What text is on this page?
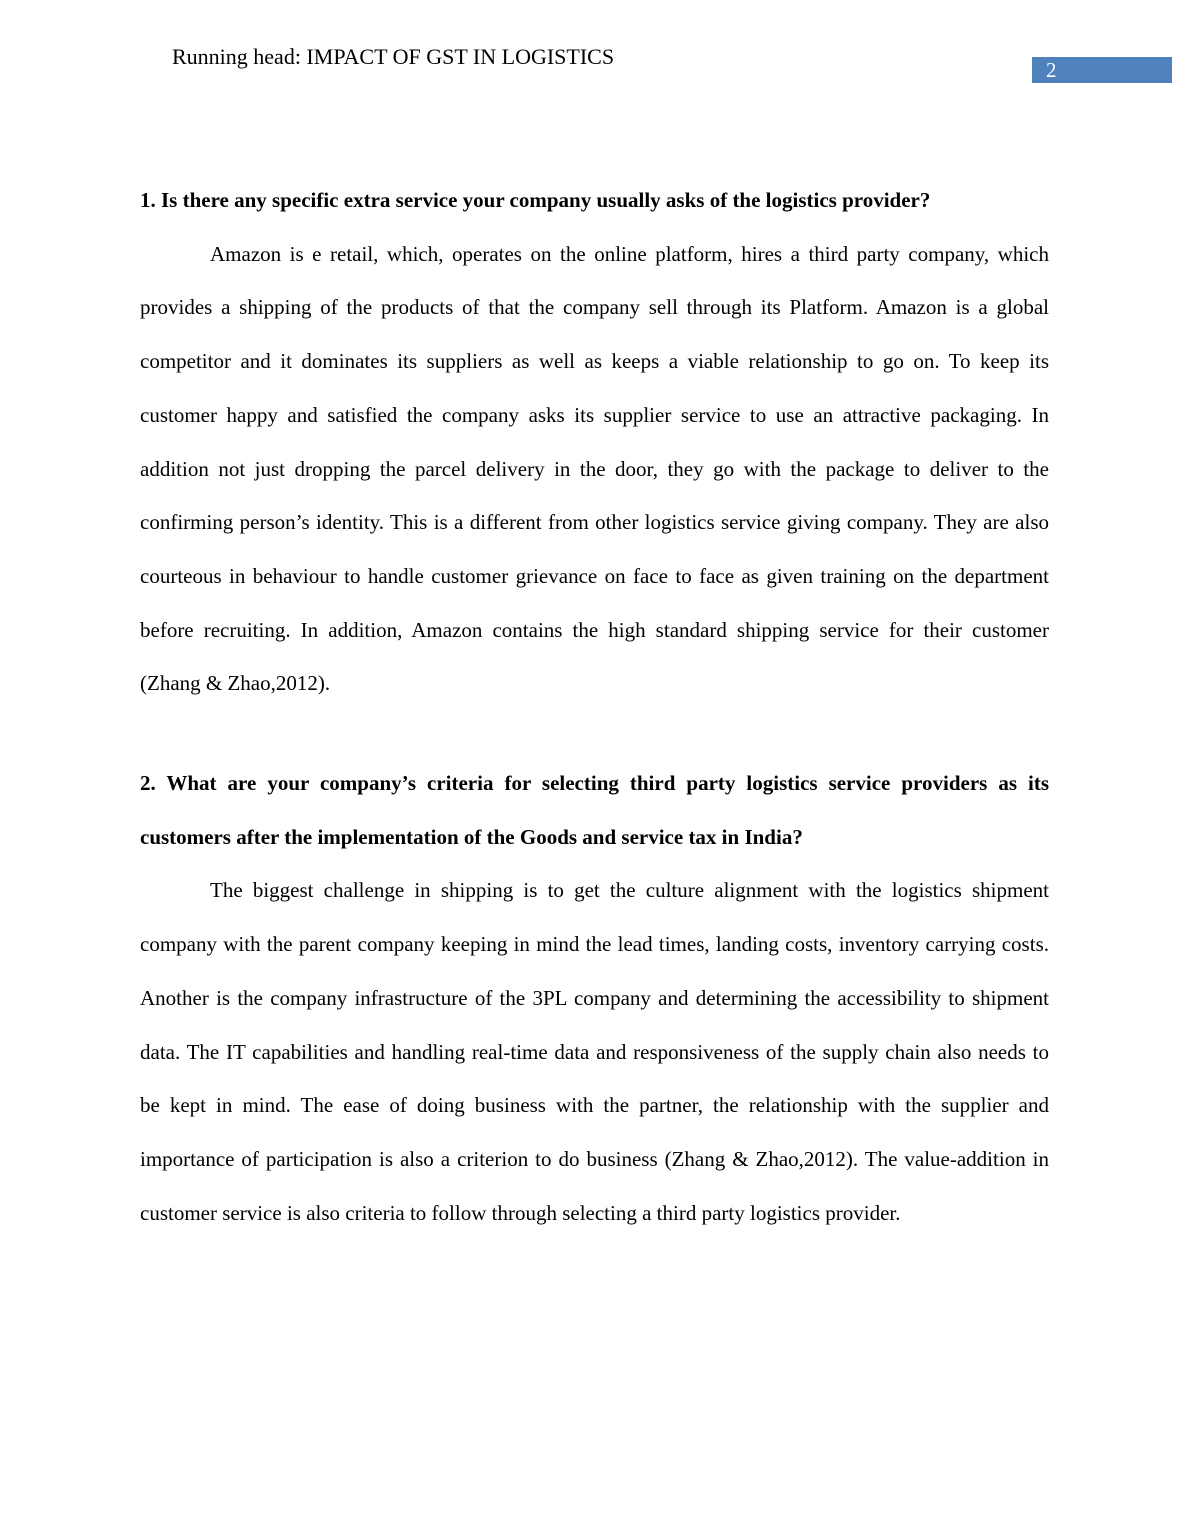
Running head: IMPACT OF GST IN LOGISTICS
2

1. Is there any specific extra service your company usually asks of the logistics provider?

Amazon is e retail, which, operates on the online platform, hires a third party company, which provides a shipping of the products of that the company sell through its Platform. Amazon is a global competitor and it dominates its suppliers as well as keeps a viable relationship to go on. To keep its customer happy and satisfied the company asks its supplier service to use an attractive packaging. In addition not just dropping the parcel delivery in the door, they go with the package to deliver to the confirming person’s identity. This is a different from other logistics service giving company. They are also courteous in behaviour to handle customer grievance on face to face as given training on the department before recruiting. In addition, Amazon contains the high standard shipping service for their customer (Zhang & Zhao,2012).

2. What are your company’s criteria for selecting third party logistics service providers as its customers after the implementation of the Goods and service tax in India?

The biggest challenge in shipping is to get the culture alignment with the logistics shipment company with the parent company keeping in mind the lead times, landing costs, inventory carrying costs. Another is the company infrastructure of the 3PL company and determining the accessibility to shipment data. The IT capabilities and handling real-time data and responsiveness of the supply chain also needs to be kept in mind. The ease of doing business with the partner, the relationship with the supplier and importance of participation is also a criterion to do business (Zhang & Zhao,2012). The value-addition in customer service is also criteria to follow through selecting a third party logistics provider.
